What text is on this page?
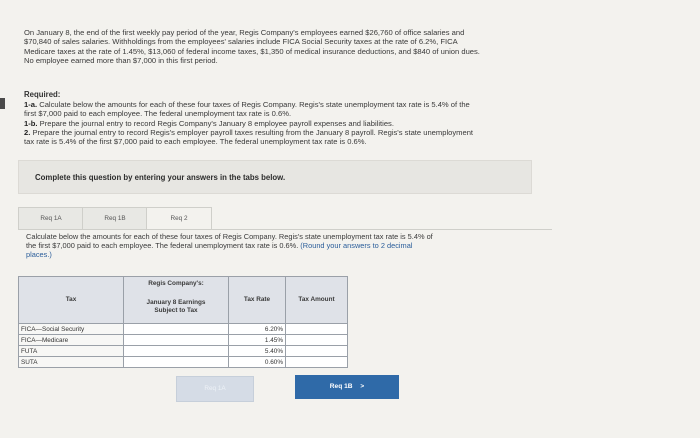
On January 8, the end of the first weekly pay period of the year, Regis Company's employees earned $26,760 of office salaries and

$70,840 of sales salaries. Withholdings from the employees' salaries include FICA Social Security taxes at the rate of 6.2%, FICA

Medicare taxes at the rate of 1.45%, $13,060 of federal income taxes, $1,350 of medical insurance deductions, and $840 of union dues.

No employee earned more than $7,000 in this first period.

Required:
1-a. Calculate below the amounts for each of these four taxes of Regis Company. Regis's state unemployment tax rate is 5.4% of the
first $7,000 paid to each employee. The federal unemployment tax rate is 0.6%.
1-b. Prepare the journal entry to record Regis Company's January 8 employee payroll expenses and liabilities.
2. Prepare the journal entry to record Regis's employer payroll taxes resulting from the January 8 payroll. Regis's state unemployment
tax rate is 5.4% of the first $7,000 paid to each employee. The federal unemployment tax rate is 0.6%.
Complete this question by entering your answers in the tabs below.
Req 1A	Req 1B	Req 2
Calculate below the amounts for each of these four taxes of Regis Company. Regis's state unemployment tax rate is 5.4% of
the first $7,000 paid to each employee. The federal unemployment tax rate is 0.6%. (Round your answers to 2 decimal
places.)
Tax	Regis Company's:	Tax Rate	Tax Amount

	January 8 Earnings
Subject to Tax		

FICA—Social Security		6.20%	
FICA—Medicare		1.45%	
FUTA		5.40%	
SUTA		0.60%	
Req 1A	Req 1B >
